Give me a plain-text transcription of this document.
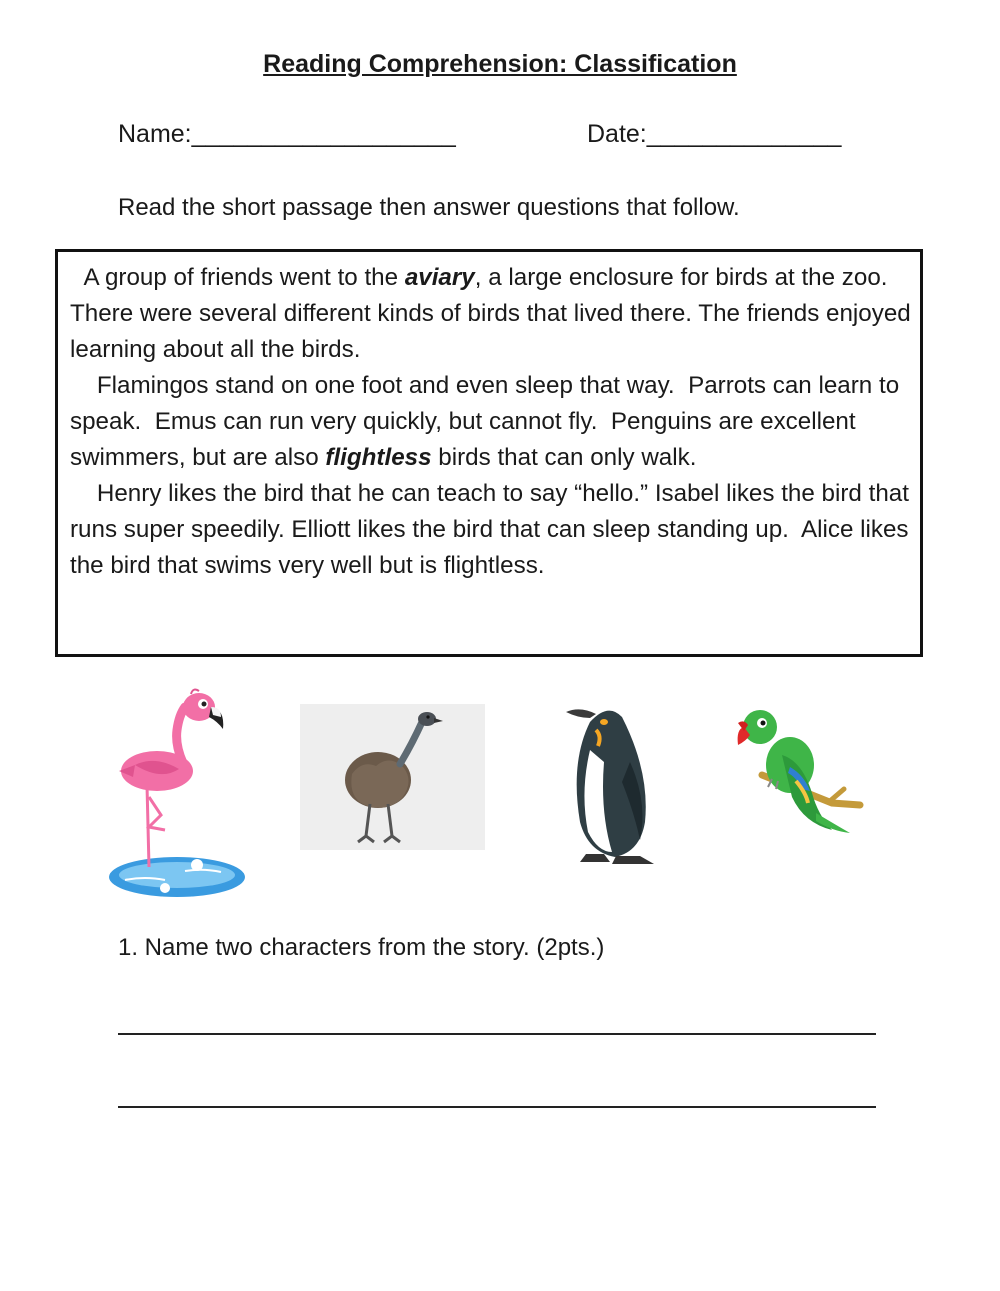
Reading Comprehension: Classification
Name:___________________	Date:______________
Read the short passage then answer questions that follow.

A group of friends went to the aviary, a large enclosure for birds at the zoo.  There were several different kinds of birds that lived there. The friends enjoyed learning about all the birds.

Flamingos stand on one foot and even sleep that way.  Parrots can learn to speak.  Emus can run very quickly, but cannot fly.  Penguins are excellent swimmers, but are also flightless birds that can only walk.

Henry likes the bird that he can teach to say “hello.” Isabel likes the bird that runs super speedily. Elliott likes the bird that can sleep standing up.  Alice likes the bird that swims very well but is flightless.

1. Name two characters from the story. (2pts.)
